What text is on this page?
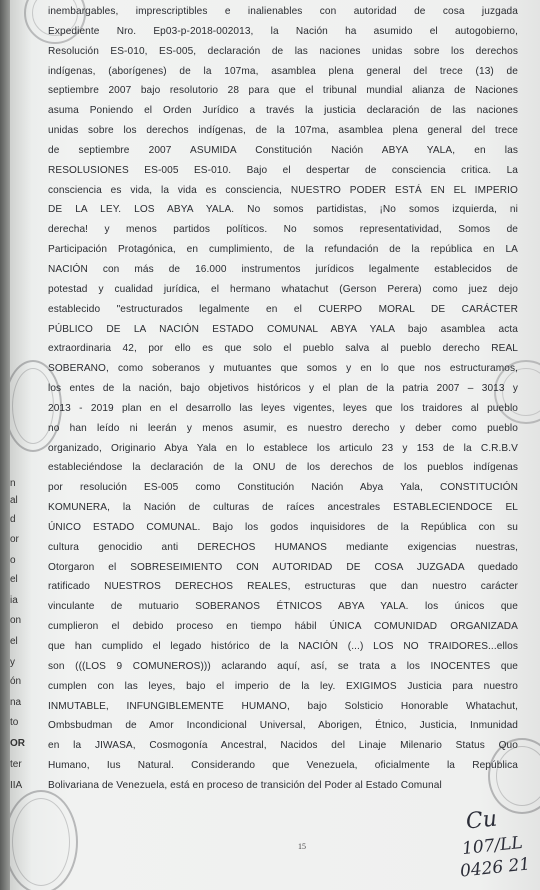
n
al
d
or
o
el
ia
on
el
y
ón
na
to
OR
ter
IIA
inembargables, imprescriptibles e inalienables con autoridad de cosa juzgada
Expediente Nro. Ep03-p-2018-002013, la Nación ha asumido el autogobierno,
Resolución ES-010, ES-005, declaración de las naciones unidas sobre los derechos
indígenas, (aborígenes) de la 107ma, asamblea plena general del trece (13) de
septiembre 2007 bajo resolutorio 28 para que el tribunal mundial alianza de Naciones
asuma Poniendo el Orden Jurídico a través la justicia declaración de las naciones
unidas sobre los derechos indígenas, de la 107ma, asamblea plena general del trece
de septiembre 2007 ASUMIDA Constitución Nación ABYA YALA, en las
RESOLUSIONES ES-005 ES-010. Bajo el despertar de consciencia critica. La
consciencia es vida, la vida es consciencia, NUESTRO PODER ESTÁ EN EL IMPERIO
DE LA LEY. LOS ABYA YALA. No somos partidistas, ¡No somos izquierda, ni
derecha! y menos partidos políticos. No somos representatividad, Somos de
Participación Protagónica, en cumplimiento, de la refundación de la república en LA
NACIÓN con más de 16.000 instrumentos jurídicos legalmente establecidos de
potestad y cualidad jurídica, el hermano whatachut (Gerson Perera) como juez dejo
establecido "estructurados legalmente en el CUERPO MORAL DE CARÁCTER
PÚBLICO DE LA NACIÓN ESTADO COMUNAL ABYA YALA bajo asamblea acta
extraordinaria 42, por ello es que solo el pueblo salva al pueblo derecho REAL
SOBERANO, como soberanos y mutuantes que somos y en lo que nos estructuramos,
los entes de la nación, bajo objetivos históricos y el plan de la patria 2007 – 3013 y
2013 - 2019 plan en el desarrollo las leyes vigentes, leyes que los traidores al pueblo
no han leído ni leerán y menos asumir, es nuestro derecho y deber como pueblo
organizado, Originario Abya Yala en lo establece los articulo 23 y 153 de la C.R.B.V
estableciéndose la declaración de la ONU de los derechos de los pueblos indígenas
por resolución ES-005 como Constitución Nación Abya Yala, CONSTITUCIÓN
KOMUNERA, la Nación de culturas de raíces ancestrales ESTABLECIENDOCE EL
ÚNICO ESTADO COMUNAL. Bajo los godos inquisidores de la República con su
cultura genocidio anti DERECHOS HUMANOS mediante exigencias nuestras,
Otorgaron el SOBRESEIMIENTO CON AUTORIDAD DE COSA JUZGADA quedado
ratificado NUESTROS DERECHOS REALES, estructuras que dan nuestro carácter
vinculante de mutuario SOBERANOS ÉTNICOS ABYA YALA. los únicos que
cumplieron el debido proceso en tiempo hábil ÚNICA COMUNIDAD ORGANIZADA
que han cumplido el legado histórico de la NACIÓN (...) LOS NO TRAIDORES...ellos
son (((LOS 9 COMUNEROS))) aclarando aquí, así, se trata a los INOCENTES que
cumplen con las leyes, bajo el imperio de la ley. EXIGIMOS Justicia para nuestro
INMUTABLE, INFUNGIBLEMENTE HUMANO, bajo Solsticio Honorable Whatachut,
Ombsbudman de Amor Incondicional Universal, Aborigen, Étnico, Justicia, Inmunidad
en la JIWASA, Cosmogonía Ancestral, Nacidos del Linaje Milenario Status Quo
Humano, Ius Natural. Considerando que Venezuela, oficialmente la República
Bolivariana de Venezuela, está en proceso de transición del Poder al Estado Comunal
15
Cu
107/LL
0426 21
